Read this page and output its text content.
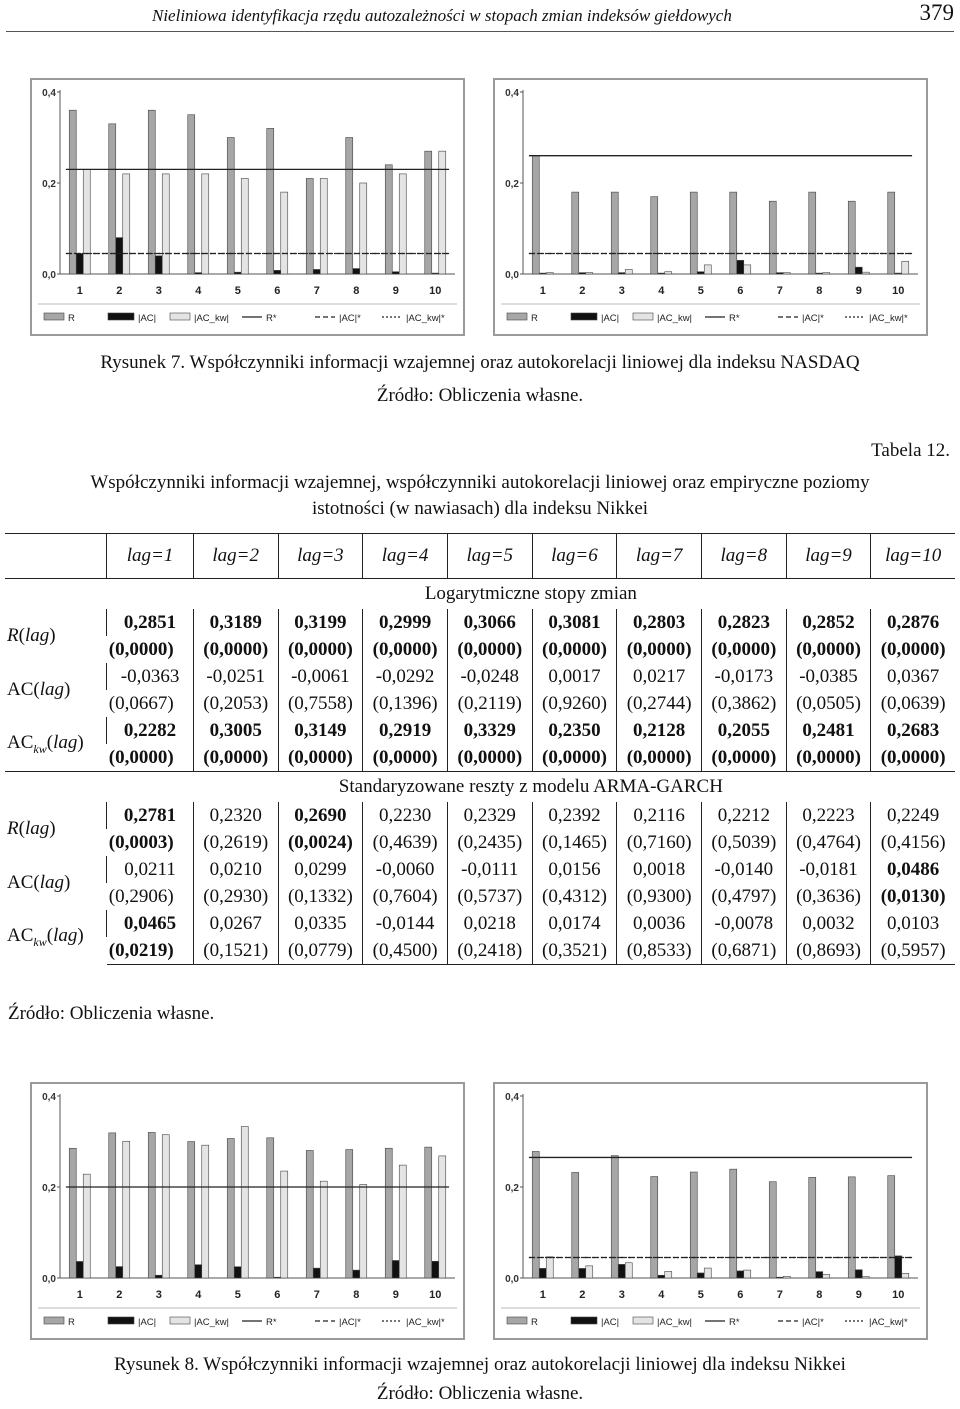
Nieliniowa identyfikacja rzędu autozależności w stopach zmian indeksów giełdowych	379
0,0
0,2
0,4
1	2	3	4	5	6	7	8	9	10
R	|AC|	|AC_kw|	R*	|AC|*	|AC_kw|*
0,0
0,2
0,4
1	2	3	4	5	6	7	8	9	10
R	|AC|	|AC_kw|	R*	|AC|*	|AC_kw|*
Rysunek 7. Współczynniki informacji wzajemnej oraz autokorelacji liniowej dla indeksu NASDAQ
Źródło: Obliczenia własne.
Tabela 12.
Współczynniki informacji wzajemnej, współczynniki autokorelacji liniowej oraz empiryczne poziomy
istotności (w nawiasach) dla indeksu Nikkei
	lag=1	lag=2	lag=3	lag=4	lag=5	lag=6	lag=7	lag=8	lag=9	lag=10
	Logarytmiczne stopy zmian									
R(lag)	0,2851	0,3189	0,3199	0,2999	0,3066	0,3081	0,2803	0,2823	0,2852	0,2876
	(0,0000)	(0,0000)	(0,0000)	(0,0000)	(0,0000)	(0,0000)	(0,0000)	(0,0000)	(0,0000)	(0,0000)
AC(lag)	-0,0363	-0,0251	-0,0061	-0,0292	-0,0248	0,0017	0,0217	-0,0173	-0,0385	0,0367
	(0,0667)	(0,2053)	(0,7558)	(0,1396)	(0,2119)	(0,9260)	(0,2744)	(0,3862)	(0,0505)	(0,0639)
$AC_{kw}(lag)$	0,2282	0,3005	0,3149	0,2919	0,3329	0,2350	0,2128	0,2055	0,2481	0,2683
	(0,0000)	(0,0000)	(0,0000)	(0,0000)	(0,0000)	(0,0000)	(0,0000)	(0,0000)	(0,0000)	(0,0000)
	Standaryzowane reszty z modelu ARMA-GARCH									
R(lag)	0,2781	0,2320	0,2690	0,2230	0,2329	0,2392	0,2116	0,2212	0,2223	0,2249
	(0,0003)	(0,2619)	(0,0024)	(0,4639)	(0,2435)	(0,1465)	(0,7160)	(0,5039)	(0,4764)	(0,4156)
AC(lag)	0,0211	0,0210	0,0299	-0,0060	-0,0111	0,0156	0,0018	-0,0140	-0,0181	0,0486
	(0,2906)	(0,2930)	(0,1332)	(0,7604)	(0,5737)	(0,4312)	(0,9300)	(0,4797)	(0,3636)	(0,0130)
$AC_{kw}(lag)$	0,0465	0,0267	0,0335	-0,0144	0,0218	0,0174	0,0036	-0,0078	0,0032	0,0103
	(0,0219)	(0,1521)	(0,0779)	(0,4500)	(0,2418)	(0,3521)	(0,8533)	(0,6871)	(0,8693)	(0,5957)
Źródło: Obliczenia własne.
0,0
0,2
0,4
1	2	3	4	5	6	7	8	9	10
R	|AC|	|AC_kw|	R*	|AC|*	|AC_kw|*
0,0
0,2
0,4
1	2	3	4	5	6	7	8	9	10
R	|AC|	|AC_kw|	R*	|AC|*	|AC_kw|*
Rysunek 8. Współczynniki informacji wzajemnej oraz autokorelacji liniowej dla indeksu Nikkei
Źródło: Obliczenia własne.
